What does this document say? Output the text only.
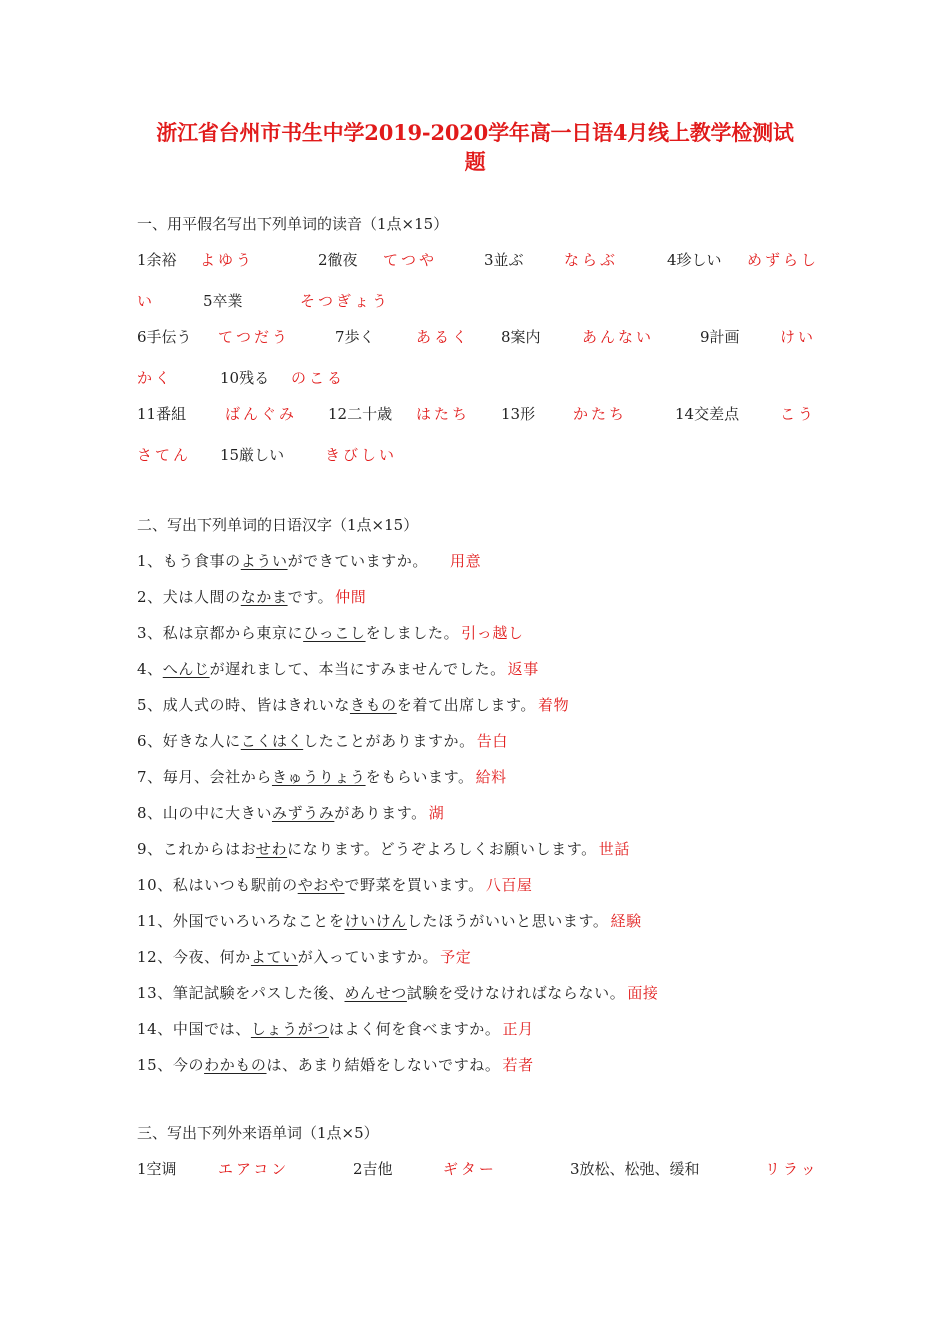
浙江省台州市书生中学2019-2020学年高一日语4月线上教学检测试
题
一、用平假名写出下列单词的读音（1点×15）
1余裕 よゆう	2徹夜 てつや	3並ぶ	ならぶ	4珍しい めずらし
い	5卒業	そつぎょう
6手伝う てつだう	7歩く	あるく 8案内	あんない	9計画	けい
かく	10残る のこる
11番組	ばんぐみ 12二十歳 はたち 13形	かたち	14交差点	こう
さてん 15厳しい	きびしい
二、写出下列单词的日语汉字（1点×15）
1、もう食事のよういができていますか。 用意
2、犬は人間のなかまです。 仲間
3、私は京都から東京にひっこしをしました。 引っ越し
4、へんじが遅れまして、本当にすみませんでした。 返事
5、成人式の時、皆はきれいなきものを着て出席します。 着物
6、好きな人にこくはくしたことがありますか。 告白
7、毎月、会社からきゅうりょうをもらいます。 給料
8、山の中に大きいみずうみがあります。 湖
9、これからはおせわになります。どうぞよろしくお願いします。 世話
10、私はいつも駅前のやおやで野菜を買います。 八百屋
11、外国でいろいろなことをけいけんしたほうがいいと思います。 経験
12、今夜、何かよていが入っていますか。 予定
13、筆記試験をパスした後、めんせつ試験を受けなければならない。 面接
14、中国では、しょうがつはよく何を食べますか。 正月
15、今のわかものは、あまり結婚をしないですね。 若者
三、写出下列外来语单词（1点×5）
1空调	エアコン	2吉他	ギター	3放松、松弛、缓和	リラッ
